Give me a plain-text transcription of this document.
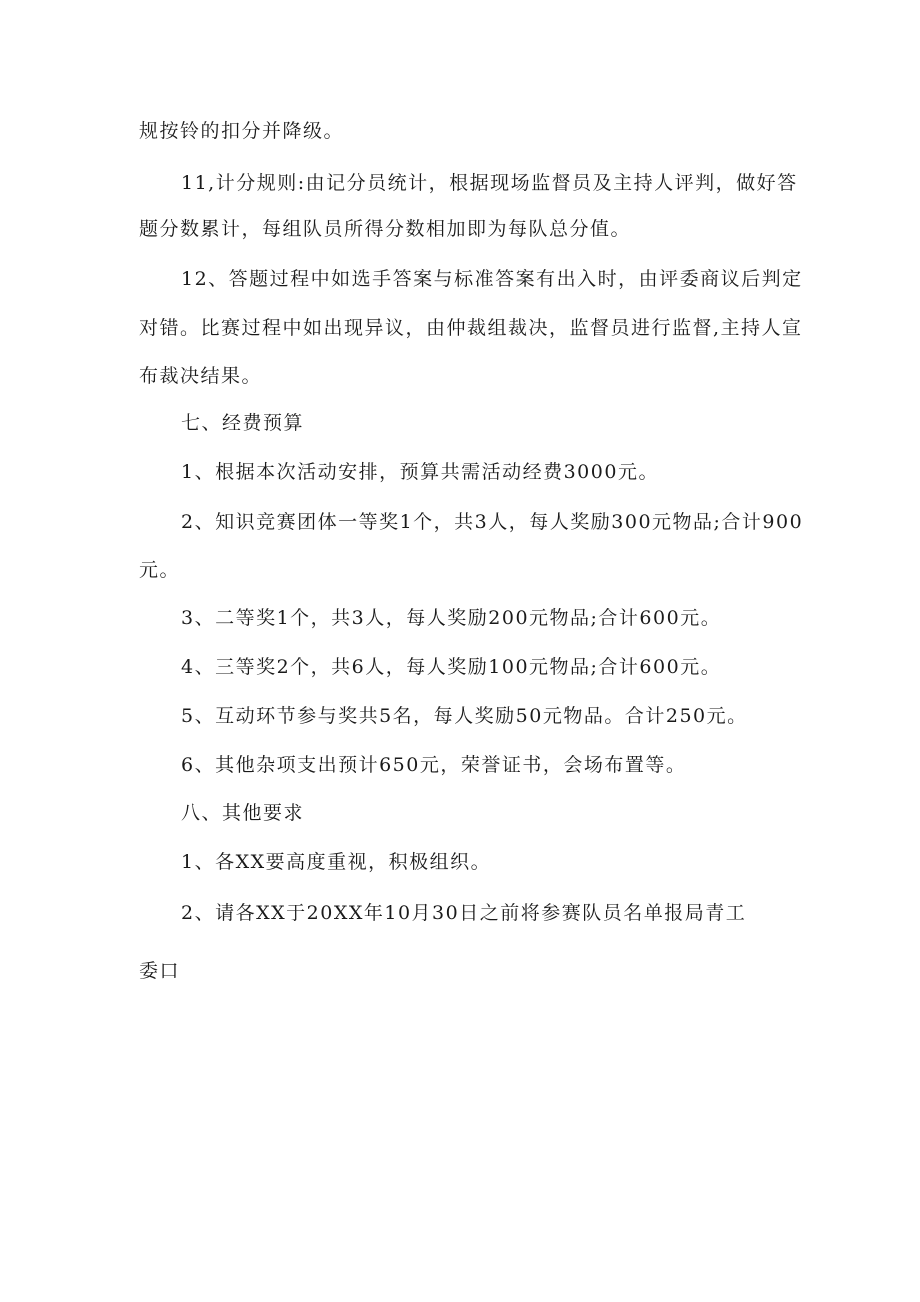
规按铃的扣分并降级。
11,计分规则:由记分员统计，根据现场监督员及主持人评判，做好答
题分数累计，每组队员所得分数相加即为每队总分值。
12、答题过程中如选手答案与标准答案有出入时，由评委商议后判定
对错。比赛过程中如出现异议，由仲裁组裁决，监督员进行监督,主持人宣
布裁决结果。
七、经费预算
1、根据本次活动安排，预算共需活动经费3000元。
2、知识竞赛团体一等奖1个，共3人，每人奖励300元物品;合计900
元。
3、二等奖1个，共3人，每人奖励200元物品;合计600元。
4、三等奖2个，共6人，每人奖励100元物品;合计600元。
5、互动环节参与奖共5名，每人奖励50元物品。合计250元。
6、其他杂项支出预计650元，荣誉证书，会场布置等。
八、其他要求
1、各XX要高度重视，积极组织。
2、请各XX于20XX年10月30日之前将参赛队员名单报局青工
委口
